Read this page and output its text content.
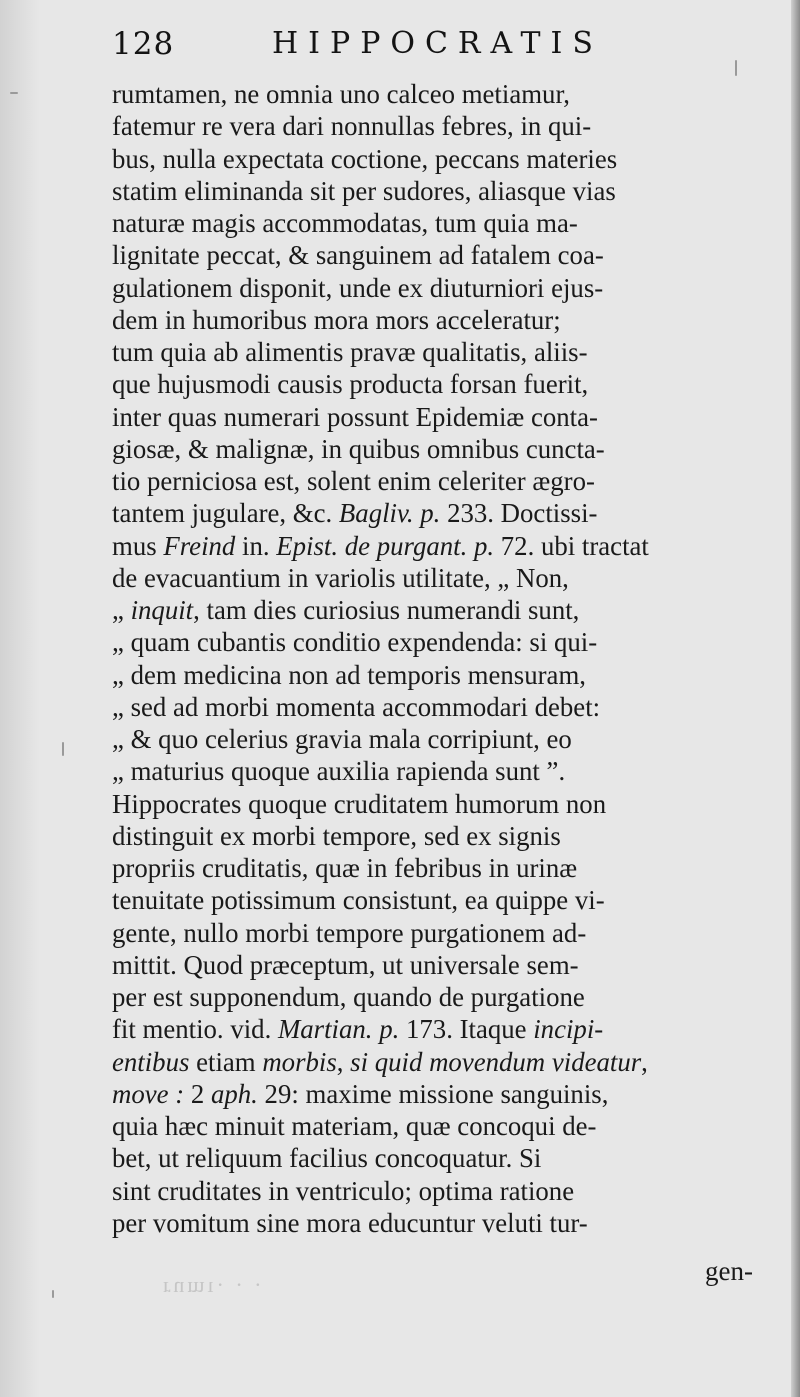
128	HIPPOCRATIS
rumtamen, ne omnia uno calceo metiamur,
fatemur re vera dari nonnullas febres, in qui-
bus, nulla expectata coctione, peccans materies
statim eliminanda sit per sudores, aliasque vias
naturæ magis accommodatas, tum quia ma-
lignitate peccat, & sanguinem ad fatalem coa-
gulationem disponit, unde ex diuturniori ejus-
dem in humoribus mora mors acceleratur;
tum quia ab alimentis pravæ qualitatis, aliis-
que hujusmodi causis producta forsan fuerit,
inter quas numerari possunt Epidemiæ conta-
giosæ, & malignæ, in quibus omnibus cuncta-
tio perniciosa est, solent enim celeriter ægro-
tantem jugulare, &c. Bagliv. p. 233. Doctissi-
mus Freind in. Epist. de purgant. p. 72. ubi tractat
de evacuantium in variolis utilitate, „ Non,
„ inquit, tam dies curiosius numerandi sunt,
„ quam cubantis conditio expendenda: si qui-
„ dem medicina non ad temporis mensuram,
„ sed ad morbi momenta accommodari debet:
„ & quo celerius gravia mala corripiunt, eo
„ maturius quoque auxilia rapienda sunt ”.
Hippocrates quoque cruditatem humorum non
distinguit ex morbi tempore, sed ex signis
propriis cruditatis, quæ in febribus in urinæ
tenuitate potissimum consistunt, ea quippe vi-
gente, nullo morbi tempore purgationem ad-
mittit. Quod præceptum, ut universale sem-
per est supponendum, quando de purgatione
fit mentio. vid. Martian. p. 173. Itaque incipi-
entibus etiam morbis, si quid movendum videatur,
move : 2 aph. 29: maxime missione sanguinis,
quia hæc minuit materiam, quæ concoqui de-
bet, ut reliquum facilius concoquatur. Si
sint cruditates in ventriculo; optima ratione
per vomitum sine mora educuntur veluti tur-
gen-
· · ·ıɯnɹ
